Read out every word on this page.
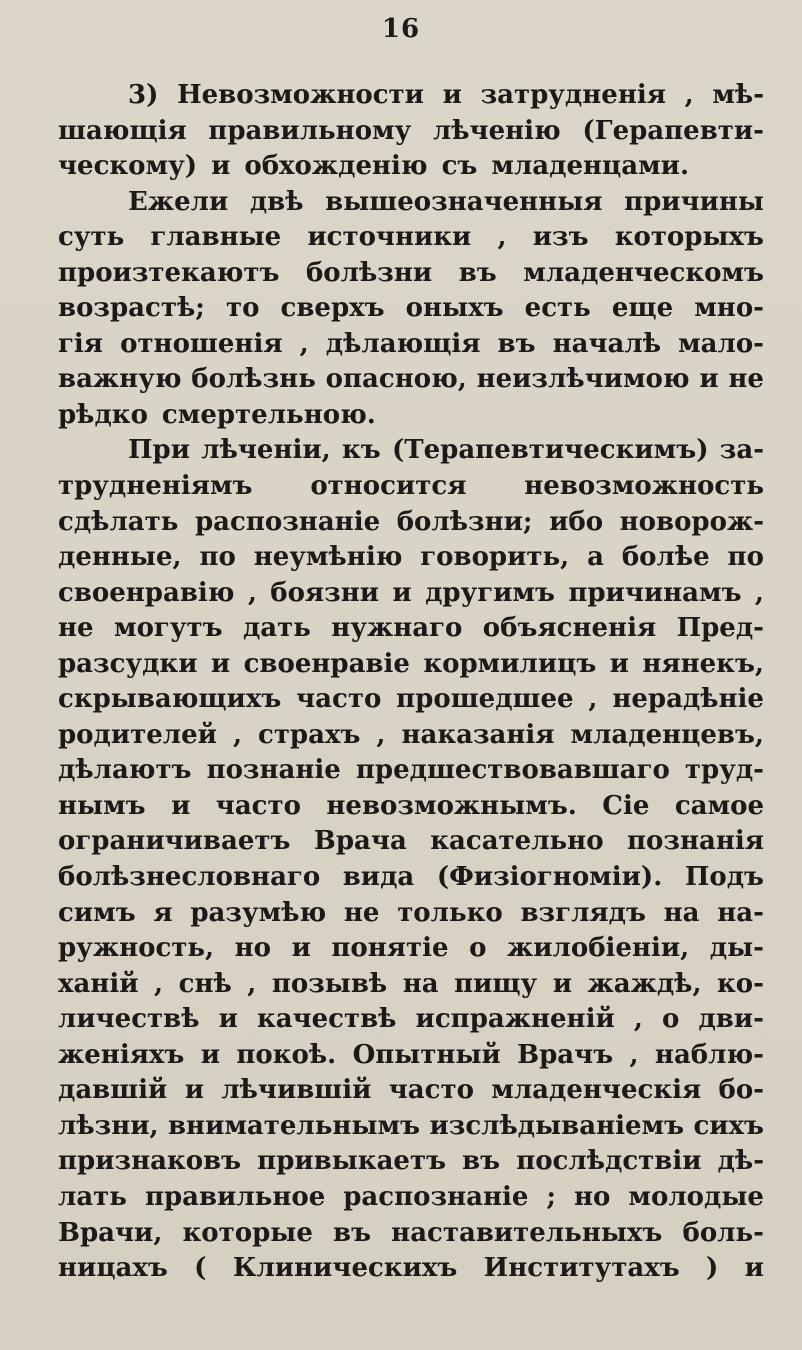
16
3) Невозможности и затрудненія , мѣ-
шающія правильному лѣченію (Герапевти-
ческому) и обхожденію съ младенцами.
Ежели двѣ вышеозначенныя причины
суть главные источники , изъ которыхъ
произтекаютъ болѣзни въ младенческомъ
возрастѣ; то сверхъ оныхъ есть еще мно-
гія отношенія , дѣлающія въ началѣ мало-
важную болѣзнь опасною, неизлѣчимою и не
рѣдко смертельною.
При лѣченіи, къ (Терапевтическимъ) за-
трудненіямъ относится невозможность
сдѣлать распознаніе болѣзни; ибо новорож-
денные, по неумѣнію говорить, а болѣе по
своенравію , боязни и другимъ причинамъ ,
не могутъ дать нужнаго объясненія Пред-
разсудки и своенравіе кормилицъ и нянекъ,
скрывающихъ часто прошедшее , нерадѣніе
родителей , страхъ , наказанія младенцевъ,
дѣлаютъ познаніе предшествовавшаго труд-
нымъ и часто невозможнымъ. Сіе самое
ограничиваетъ Врача касательно познанія
болѣзнесловнаго вида (Физіогноміи). Подъ
симъ я разумѣю не только взглядъ на на-
ружность, но и понятіе о жилобіеніи, ды-
ханій , снѣ , позывѣ на пищу и жаждѣ, ко-
личествѣ и качествѣ испражненій , о дви-
женіяхъ и покоѣ. Опытный Врачъ , наблю-
давшій и лѣчившій часто младенческія бо-
лѣзни, внимательнымъ изслѣдываніемъ сихъ
признаковъ привыкаетъ въ послѣдствіи дѣ-
лать правильное распознаніе ; но молодые
Врачи, которые въ наставительныхъ боль-
ницахъ ( Клиническихъ Институтахъ ) и
